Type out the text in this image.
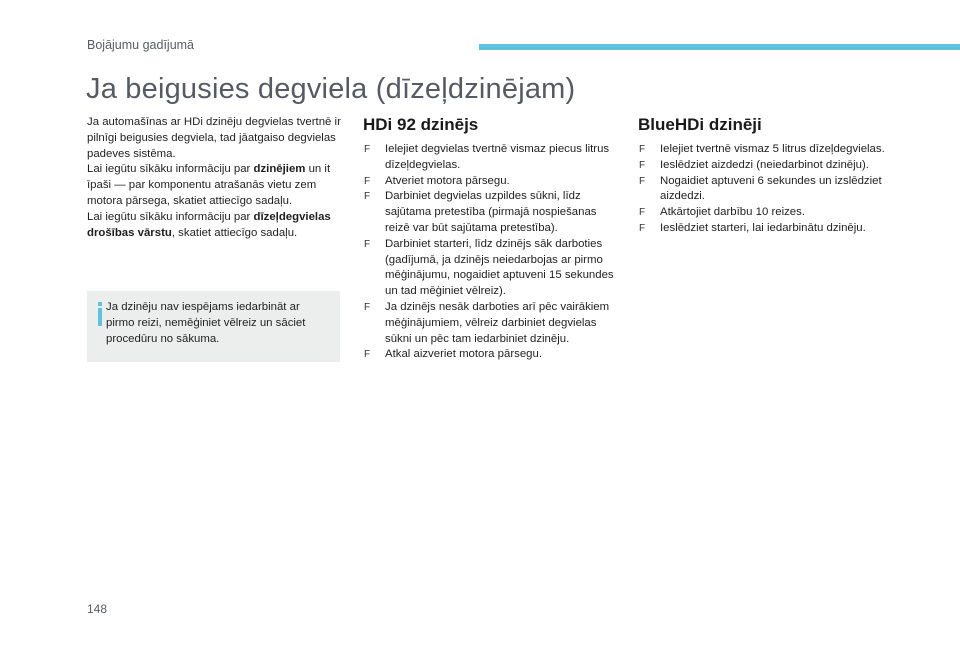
Bojājumu gadījumā
Ja beigusies degviela (dīzeļdzinējam)

Ja automašīnas ar HDi dzinēju degvielas tvertnē ir pilnīgi beigusies degviela, tad jāatgaiso degvielas padeves sistēma.

Lai iegūtu sīkāku informāciju par dzinējiem un it īpaši — par komponentu atrašanās vietu zem motora pārsega, skatiet attiecīgo sadaļu.

Lai iegūtu sīkāku informāciju par dīzeļdegvielas drošības vārstu, skatiet attiecīgo sadaļu.

Ja dzinēju nav iespējams iedarbināt ar pirmo reizi, nemēģiniet vēlreiz un sāciet procedūru no sākuma.
HDi 92 dzinējs
F Ielejiet degvielas tvertnē vismaz piecus litrus dīzeļdegvielas.
F Atveriet motora pārsegu.
F Darbiniet degvielas uzpildes sūkni, līdz sajūtama pretestība (pirmajā nospiešanas reizē var būt sajūtama pretestība).
F Darbiniet starteri, līdz dzinējs sāk darboties (gadījumā, ja dzinējs neiedarbojas ar pirmo mēģinājumu, nogaidiet aptuveni 15 sekundes un tad mēģiniet vēlreiz).
F Ja dzinējs nesāk darboties arī pēc vairākiem mēģinājumiem, vēlreiz darbiniet degvielas sūkni un pēc tam iedarbiniet dzinēju.
F Atkal aizveriet motora pārsegu.
BlueHDi dzinēji
F Ielejiet tvertnē vismaz 5 litrus dīzeļdegvielas.
F Ieslēdziet aizdedzi (neiedarbinot dzinēju).
F Nogaidiet aptuveni 6 sekundes un izslēdziet aizdedzi.
F Atkārtojiet darbību 10 reizes.
F Ieslēdziet starteri, lai iedarbinātu dzinēju.
148
